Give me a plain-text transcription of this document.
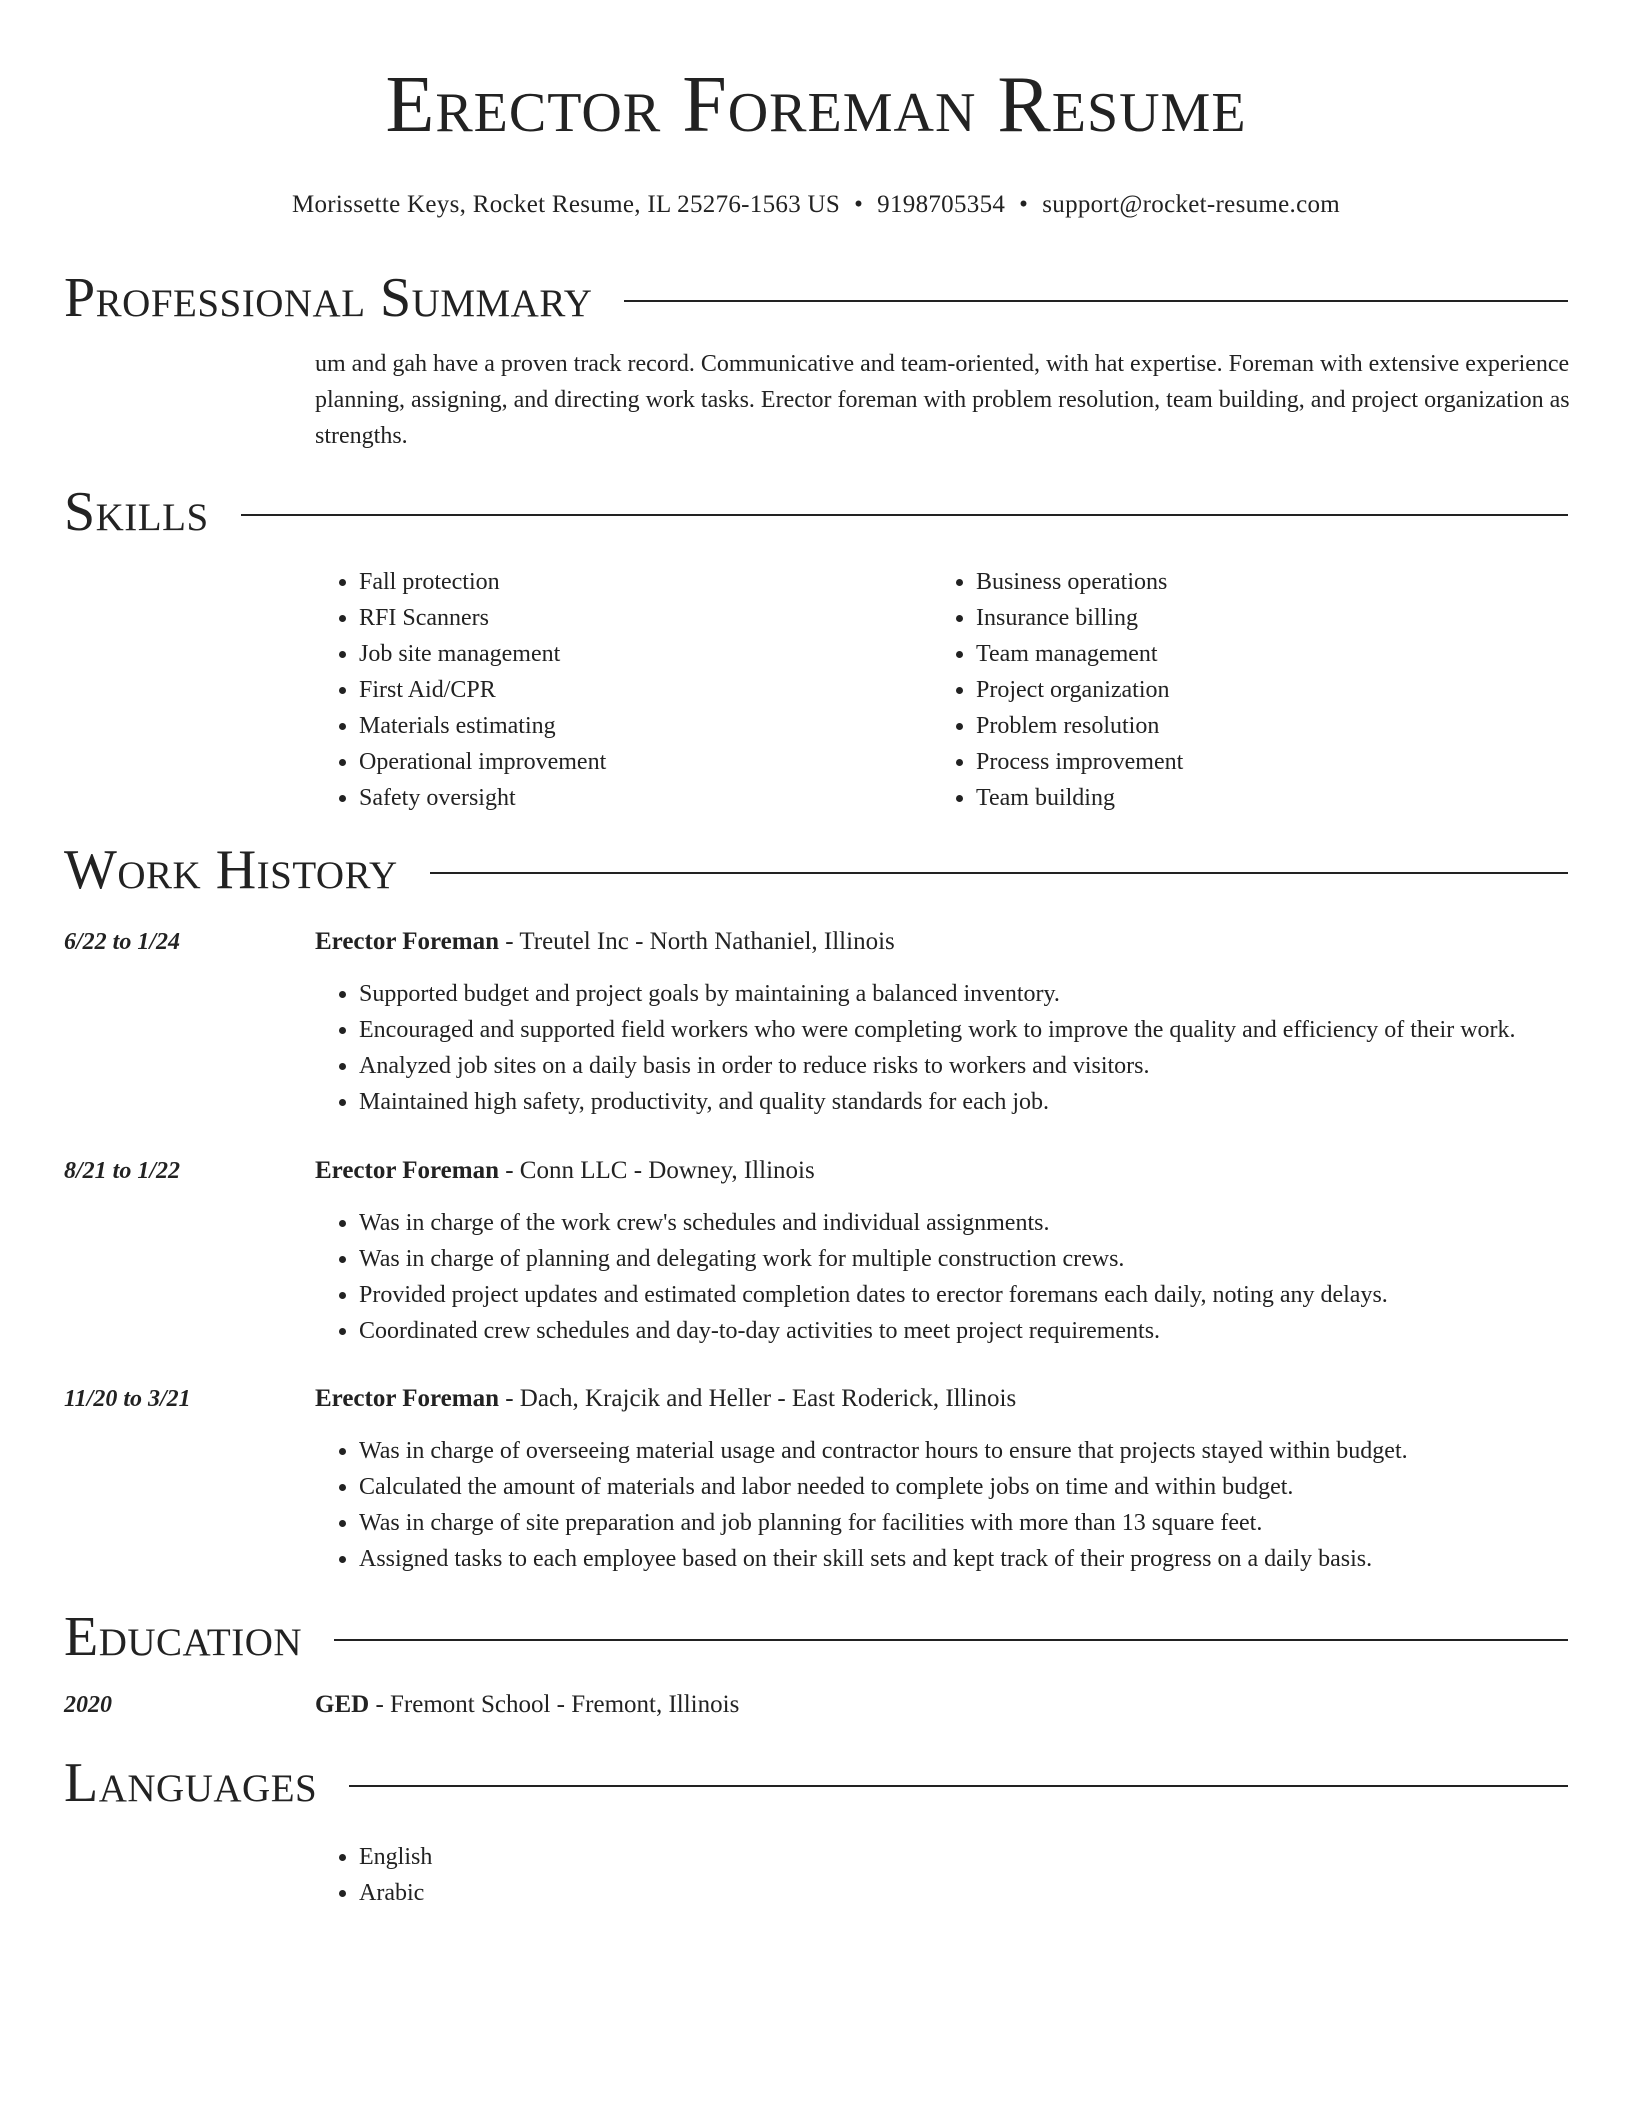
Erector Foreman Resume
Morissette Keys, Rocket Resume, IL 25276-1563 US • 9198705354 • support@rocket-resume.com
Professional Summary

um and gah have a proven track record. Communicative and team-oriented, with hat expertise. Foreman with extensive experience planning, assigning, and directing work tasks. Erector foreman with problem resolution, team building, and project organization as strengths.

Skills
• Fall protection
• RFI Scanners
• Job site management
• First Aid/CPR
• Materials estimating
• Operational improvement
• Safety oversight
• Business operations
• Insurance billing
• Team management
• Project organization
• Problem resolution
• Process improvement
• Team building
Work History
6/22 to 1/24	Erector Foreman - Treutel Inc - North Nathaniel, Illinois
• Supported budget and project goals by maintaining a balanced inventory.
• Encouraged and supported field workers who were completing work to improve the quality and efficiency of their work.
• Analyzed job sites on a daily basis in order to reduce risks to workers and visitors.
• Maintained high safety, productivity, and quality standards for each job.
8/21 to 1/22	Erector Foreman - Conn LLC - Downey, Illinois
• Was in charge of the work crew's schedules and individual assignments.
• Was in charge of planning and delegating work for multiple construction crews.
• Provided project updates and estimated completion dates to erector foremans each daily, noting any delays.
• Coordinated crew schedules and day-to-day activities to meet project requirements.
11/20 to 3/21	Erector Foreman - Dach, Krajcik and Heller - East Roderick, Illinois
• Was in charge of overseeing material usage and contractor hours to ensure that projects stayed within budget.
• Calculated the amount of materials and labor needed to complete jobs on time and within budget.
• Was in charge of site preparation and job planning for facilities with more than 13 square feet.
• Assigned tasks to each employee based on their skill sets and kept track of their progress on a daily basis.
Education
2020	GED - Fremont School - Fremont, Illinois
Languages
• English
• Arabic
